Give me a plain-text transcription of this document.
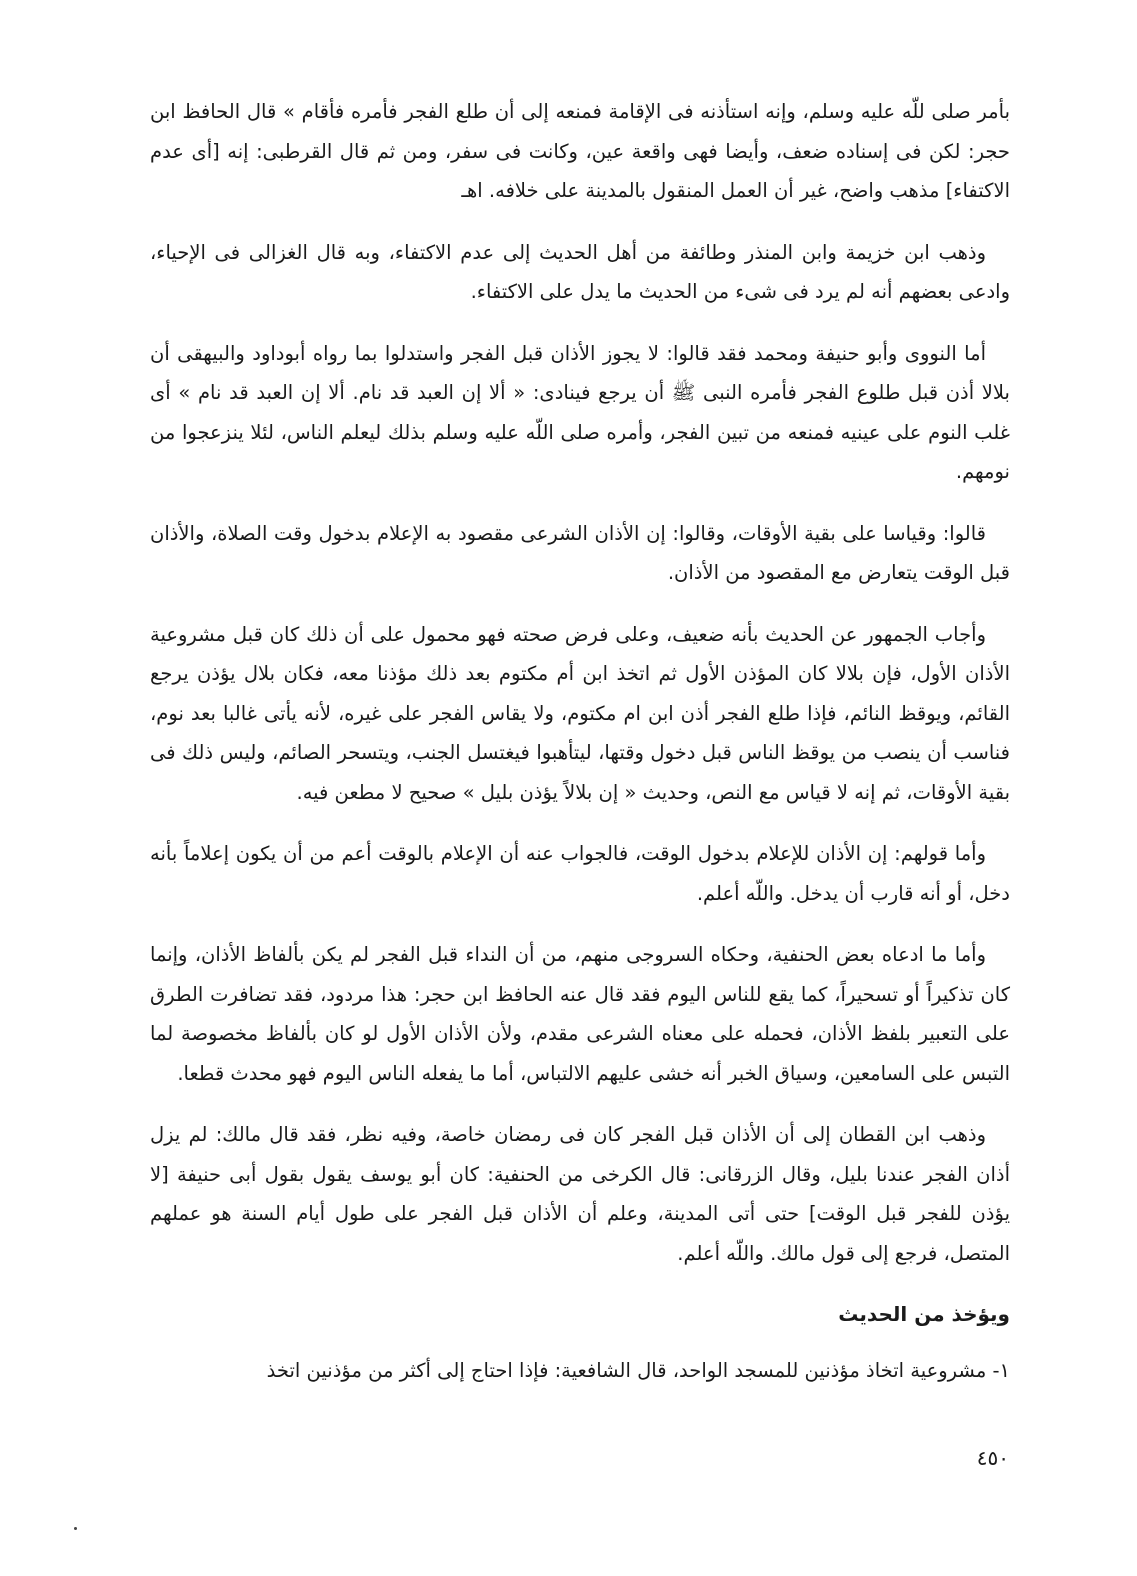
بأمر صلى للّه عليه وسلم، وإنه استأذنه فى الإقامة فمنعه إلى أن طلع الفجر فأمره فأقام » قال الحافظ ابن حجر: لكن فى إسناده ضعف، وأيضا فهى واقعة عين، وكانت فى سفر، ومن ثم قال القرطبى: إنه [أى عدم الاكتفاء] مذهب واضح، غير أن العمل المنقول بالمدينة على خلافه. اهـ

وذهب ابن خزيمة وابن المنذر وطائفة من أهل الحديث إلى عدم الاكتفاء، وبه قال الغزالى فى الإحياء، وادعى بعضهم أنه لم يرد فى شىء من الحديث ما يدل على الاكتفاء.

أما النووى وأبو حنيفة ومحمد فقد قالوا: لا يجوز الأذان قبل الفجر واستدلوا بما رواه أبوداود والبيهقى أن بلالا أذن قبل طلوع الفجر فأمره النبى ﷺ أن يرجع فينادى: « ألا إن العبد قد نام. ألا إن العبد قد نام » أى غلب النوم على عينيه فمنعه من تبين الفجر، وأمره صلى اللّه عليه وسلم بذلك ليعلم الناس، لئلا ينزعجوا من نومهم.

قالوا: وقياسا على بقية الأوقات، وقالوا: إن الأذان الشرعى مقصود به الإعلام بدخول وقت الصلاة، والأذان قبل الوقت يتعارض مع المقصود من الأذان.

وأجاب الجمهور عن الحديث بأنه ضعيف، وعلى فرض صحته فهو محمول على أن ذلك كان قبل مشروعية الأذان الأول، فإن بلالا كان المؤذن الأول ثم اتخذ ابن أم مكتوم بعد ذلك مؤذنا معه، فكان بلال يؤذن يرجع القائم، ويوقظ النائم، فإذا طلع الفجر أذن ابن ام مكتوم، ولا يقاس الفجر على غيره، لأنه يأتى غالبا بعد نوم، فناسب أن ينصب من يوقظ الناس قبل دخول وقتها، ليتأهبوا فيغتسل الجنب، ويتسحر الصائم، وليس ذلك فى بقية الأوقات، ثم إنه لا قياس مع النص، وحديث « إن بلالاً يؤذن بليل » صحيح لا مطعن فيه.

وأما قولهم: إن الأذان للإعلام بدخول الوقت، فالجواب عنه أن الإعلام بالوقت أعم من أن يكون إعلاماً بأنه دخل، أو أنه قارب أن يدخل. واللّه أعلم.

وأما ما ادعاه بعض الحنفية، وحكاه السروجى منهم، من أن النداء قبل الفجر لم يكن بألفاظ الأذان، وإنما كان تذكيراً أو تسحيراً، كما يقع للناس اليوم فقد قال عنه الحافظ ابن حجر: هذا مردود، فقد تضافرت الطرق على التعبير بلفظ الأذان، فحمله على معناه الشرعى مقدم، ولأن الأذان الأول لو كان بألفاظ مخصوصة لما التبس على السامعين، وسياق الخبر أنه خشى عليهم الالتباس، أما ما يفعله الناس اليوم فهو محدث قطعا.

وذهب ابن القطان إلى أن الأذان قبل الفجر كان فى رمضان خاصة، وفيه نظر، فقد قال مالك: لم يزل أذان الفجر عندنا بليل، وقال الزرقانى: قال الكرخى من الحنفية: كان أبو يوسف يقول بقول أبى حنيفة [لا يؤذن للفجر قبل الوقت] حتى أتى المدينة، وعلم أن الأذان قبل الفجر على طول أيام السنة هو عملهم المتصل، فرجع إلى قول مالك. واللّه أعلم.

ويؤخذ من الحديث

١- مشروعية اتخاذ مؤذنين للمسجد الواحد، قال الشافعية: فإذا احتاج إلى أكثر من مؤذنين اتخذ

٤٥٠
